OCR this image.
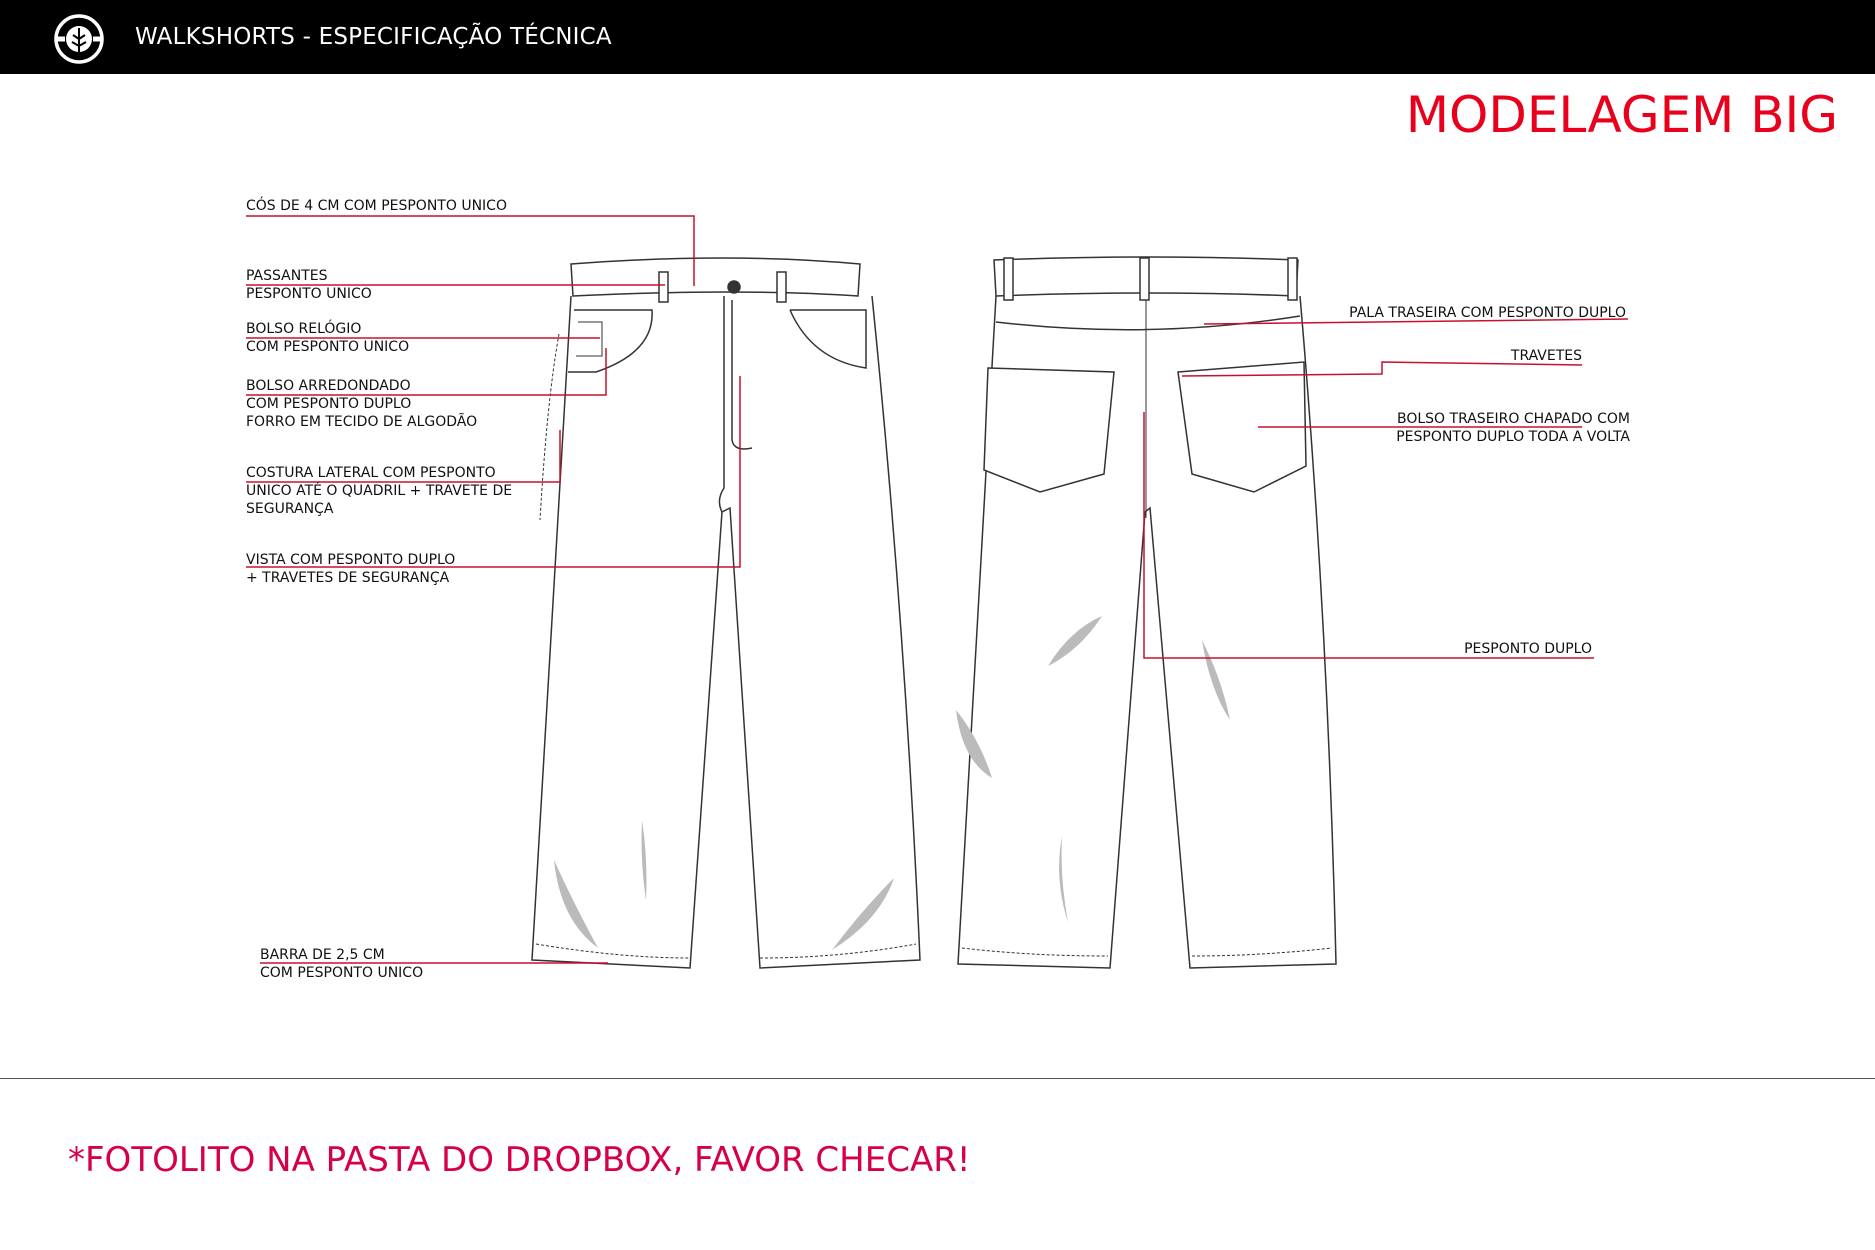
WALKSHORTS - ESPECIFICAÇÃO TÉCNICA
MODELAGEM BIG
CÓS DE 4 CM COM PESPONTO UNICO
PASSANTES
PESPONTO UNICO
BOLSO RELÓGIO
COM PESPONTO UNICO
BOLSO ARREDONDADO
COM PESPONTO DUPLO
FORRO EM TECIDO DE ALGODÃO
COSTURA LATERAL COM PESPONTO
UNICO ATÉ O QUADRIL + TRAVETE DE
SEGURANÇA
VISTA COM PESPONTO DUPLO
+ TRAVETES DE SEGURANÇA
BARRA DE 2,5 CM
COM PESPONTO UNICO
PALA TRASEIRA COM PESPONTO DUPLO
TRAVETES
BOLSO TRASEIRO CHAPADO COM
PESPONTO DUPLO TODA A VOLTA
PESPONTO DUPLO
*FOTOLITO NA PASTA DO DROPBOX, FAVOR CHECAR!
